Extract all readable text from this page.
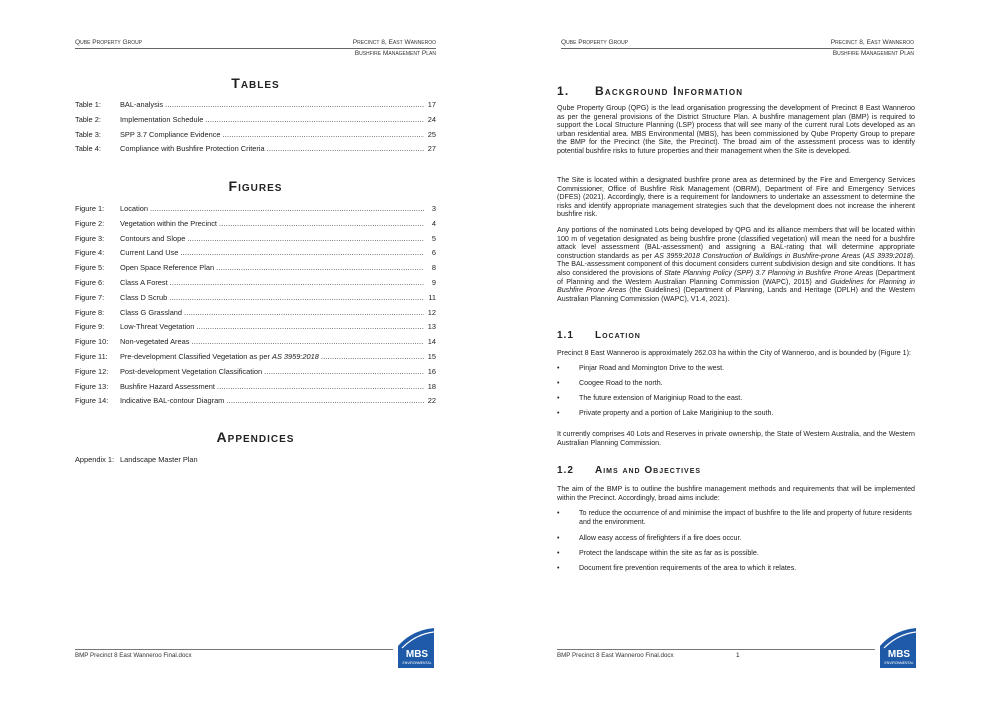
Qube Property Group	Precinct 8, East Wanneroo
Bushfire Management Plan
Tables
Table 1:	BAL-analysis .....	17
Table 2:	Implementation Schedule .....	24
Table 3:	SPP 3.7 Compliance Evidence .....	25
Table 4:	Compliance with Bushfire Protection Criteria .....	27
Figures
Figure 1:	Location .....	3
Figure 2:	Vegetation within the Precinct .....	4
Figure 3:	Contours and Slope .....	5
Figure 4:	Current Land Use .....	6
Figure 5:	Open Space Reference Plan .....	8
Figure 6:	Class A Forest .....	9
Figure 7:	Class D Scrub .....	11
Figure 8:	Class G Grassland .....	12
Figure 9:	Low-Threat Vegetation .....	13
Figure 10:	Non-vegetated Areas .....	14
Figure 11:	Pre-development Classified Vegetation as per AS 3959:2018 .....	15
Figure 12:	Post-development Vegetation Classification .....	16
Figure 13:	Bushfire Hazard Assessment .....	18
Figure 14:	Indicative BAL-contour Diagram .....	22
Appendices
Appendix 1: Landscape Master Plan
BMP Precinct 8 East Wanneroo Final.docx	MBS
ENVIRONMENTAL
Qube Property Group	Precinct 8, East Wanneroo
Bushfire Management Plan
1. Background Information
Qube Property Group (QPG) is the lead organisation progressing the development of Precinct 8 East Wanneroo as per the general provisions of the District Structure Plan. A bushfire management plan (BMP) is required to support the Local Structure Planning (LSP) process that will see many of the current rural Lots developed as an urban residential area. MBS Environmental (MBS), has been commissioned by Qube Property Group to prepare the BMP for the Precinct (the Site, the Precinct). The broad aim of the assessment process was to identify potential bushfire risks to future properties and their management when the Site is developed.
The Site is located within a designated bushfire prone area as determined by the Fire and Emergency Services Commissioner, Office of Bushfire Risk Management (OBRM), Department of Fire and Emergency Services (DFES) (2021). Accordingly, there is a requirement for landowners to undertake an assessment to determine the risks and identify appropriate management strategies such that the development does not increase the inherent bushfire risk.
Any portions of the nominated Lots being developed by QPG and its alliance members that will be located within 100 m of vegetation designated as being bushfire prone (classified vegetation) will mean the need for a bushfire attack level assessment (BAL-assessment) and assigning a BAL-rating that will determine appropriate construction standards as per AS 3959:2018 Construction of Buildings in Bushfire-prone Areas (AS 3939:2018). The BAL-assessment component of this document considers current subdivision design and site conditions. It has also considered the provisions of State Planning Policy (SPP) 3.7 Planning in Bushfire Prone Areas (Department of Planning and the Western Australian Planning Commission (WAPC), 2015) and Guidelines for Planning in Bushfire Prone Areas (the Guidelines) (Department of Planning, Lands and Heritage (DPLH) and the Western Australian Planning Commission (WAPC), V1.4, 2021).
1.1 Location
Precinct 8 East Wanneroo is approximately 262.03 ha within the City of Wanneroo, and is bounded by (Figure 1):
•	Pinjar Road and Mornington Drive to the west.
•	Coogee Road to the north.
•	The future extension of Mariginiup Road to the east.
•	Private property and a portion of Lake Mariginiup to the south.
It currently comprises 40 Lots and Reserves in private ownership, the State of Western Australia, and the Western Australian Planning Commission.
1.2 Aims and Objectives
The aim of the BMP is to outline the bushfire management methods and requirements that will be implemented within the Precinct. Accordingly, broad aims include:
•	To reduce the occurrence of and minimise the impact of bushfire to the life and property of future residents and the environment.
•	Allow easy access of firefighters if a fire does occur.
•	Protect the landscape within the site as far as is possible.
•	Document fire prevention requirements of the area to which it relates.
BMP Precinct 8 East Wanneroo Final.docx	1	MBS
ENVIRONMENTAL
